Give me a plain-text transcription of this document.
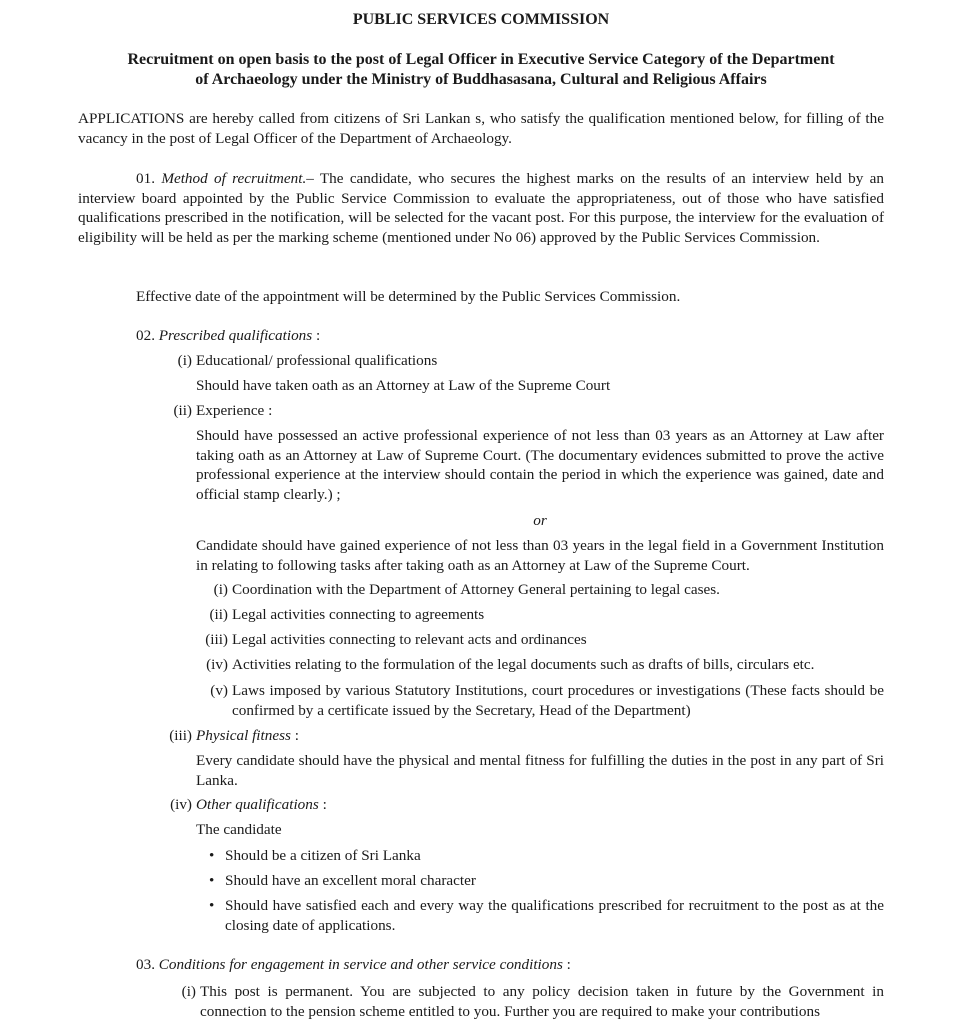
PUBLIC SERVICES COMMISSION
Recruitment on open basis to the post of Legal Officer in Executive Service Category of the Department
of Archaeology under the Ministry of Buddhasasana, Cultural and Religious Affairs
APPLICATIONS are hereby called from citizens of Sri Lankan s, who satisfy the qualification mentioned below, for filling of the vacancy in the post of Legal Officer of the Department of Archaeology.
01. Method of recruitment.– The candidate, who secures the highest marks on the results of an interview held by an interview board appointed by the Public Service Commission to evaluate the appropriateness, out of those who have satisfied qualifications prescribed in the notification, will be selected for the vacant post. For this purpose, the interview for the evaluation of eligibility will be held as per the marking scheme (mentioned under No 06) approved by the Public Services Commission.
Effective date of the appointment will be determined by the Public Services Commission.
02. Prescribed qualifications :
(i) Educational/ professional qualifications
Should have taken oath as an Attorney at Law of the Supreme Court
(ii) Experience :
Should have possessed an active professional experience of not less than 03 years as an Attorney at Law after taking oath as an Attorney at Law of Supreme Court. (The documentary evidences submitted to prove the active professional experience at the interview should contain the period in which the experience was gained, date and official stamp clearly.) ;
or
Candidate should have gained experience of not less than 03 years in the legal field in a Government Institution in relating to following tasks after taking oath as an Attorney at Law of the Supreme Court.
(i) Coordination with the Department of Attorney General pertaining to legal cases.
(ii) Legal activities connecting to agreements
(iii) Legal activities connecting to relevant acts and ordinances
(iv) Activities relating to the formulation of the legal documents such as drafts of bills, circulars etc.
(v) Laws imposed by various Statutory Institutions, court procedures or investigations (These facts should be confirmed by a certificate issued by the Secretary, Head of the Department)
(iii) Physical fitness :
Every candidate should have the physical and mental fitness for fulfilling the duties in the post in any part of Sri Lanka.
(iv) Other qualifications :
The candidate
• Should be a citizen of Sri Lanka
• Should have an excellent moral character
• Should have satisfied each and every way the qualifications prescribed for recruitment to the post as at the closing date of applications.
03. Conditions for engagement in service and other service conditions :
(i) This post is permanent. You are subjected to any policy decision taken in future by the Government in connection to the pension scheme entitled to you. Further you are required to make your contributions
